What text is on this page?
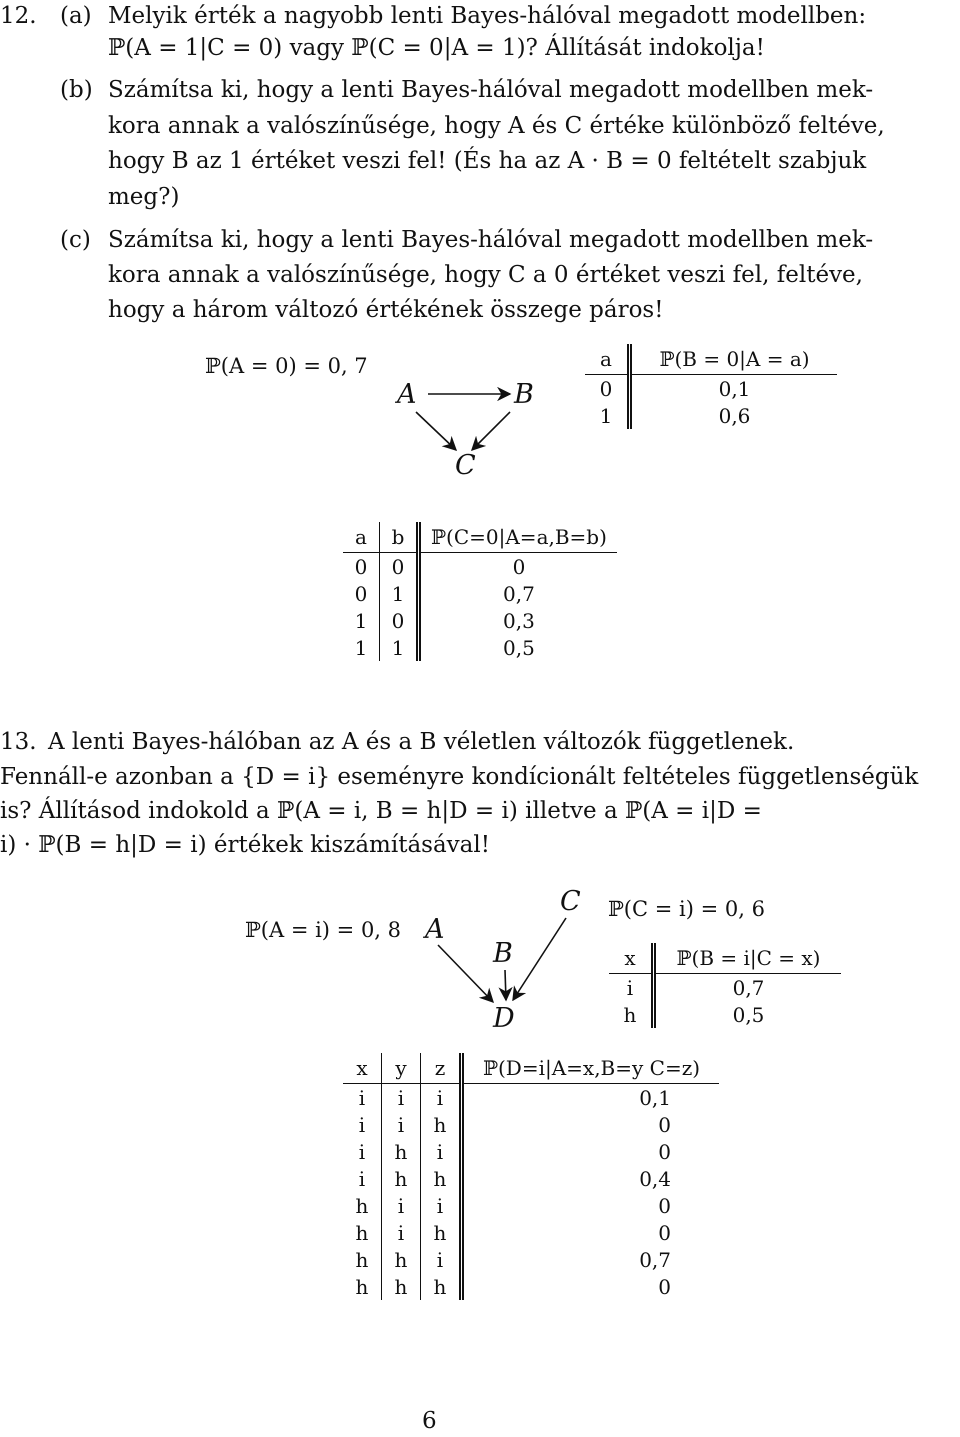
12. (a) Melyik érték a nagyobb lenti Bayes-hálóval megadott modellben:
ℙ(A = 1|C = 0) vagy ℙ(C = 0|A = 1)? Állítását indokolja!
(b) Számítsa ki, hogy a lenti Bayes-hálóval megadott modellben mek-
kora annak a valószínűsége, hogy A és C értéke különböző feltéve,
hogy B az 1 értéket veszi fel! (És ha az A · B = 0 feltételt szabjuk
meg?)
(c) Számítsa ki, hogy a lenti Bayes-hálóval megadott modellben mek-
kora annak a valószínűsége, hogy C a 0 értéket veszi fel, feltéve,
hogy a három változó értékének összege páros!
ℙ(A = 0) = 0, 7
A	B
C
A
B
C
D
a	ℙ(B = 0|A = a)
0	0,1
1	0,6
a	b	ℙ(C=0|A=a,B=b)
0	0	0
0	1	0,7
1	0	0,3
1	1	0,5
13. A lenti Bayes-hálóban az A és a B véletlen változók függetlenek.
Fennáll-e azonban a {D = i} eseményre kondícionált feltételes függetlenségük
is? Állításod indokold a ℙ(A = i, B = h|D = i) illetve a ℙ(A = i|D =
i) · ℙ(B = h|D = i) értékek kiszámításával!
ℙ(A = i) = 0, 8
ℙ(C = i) = 0, 6
x	ℙ(B = i|C = x)
i	0,7
h	0,5
x	y	z	ℙ(D=i|A=x,B=y C=z)
i	i	i	0,1
i	i	h	0
i	h	i	0
i	h	h	0,4
h	i	i	0
h	i	h	0
h	h	i	0,7
h	h	h	0
6
